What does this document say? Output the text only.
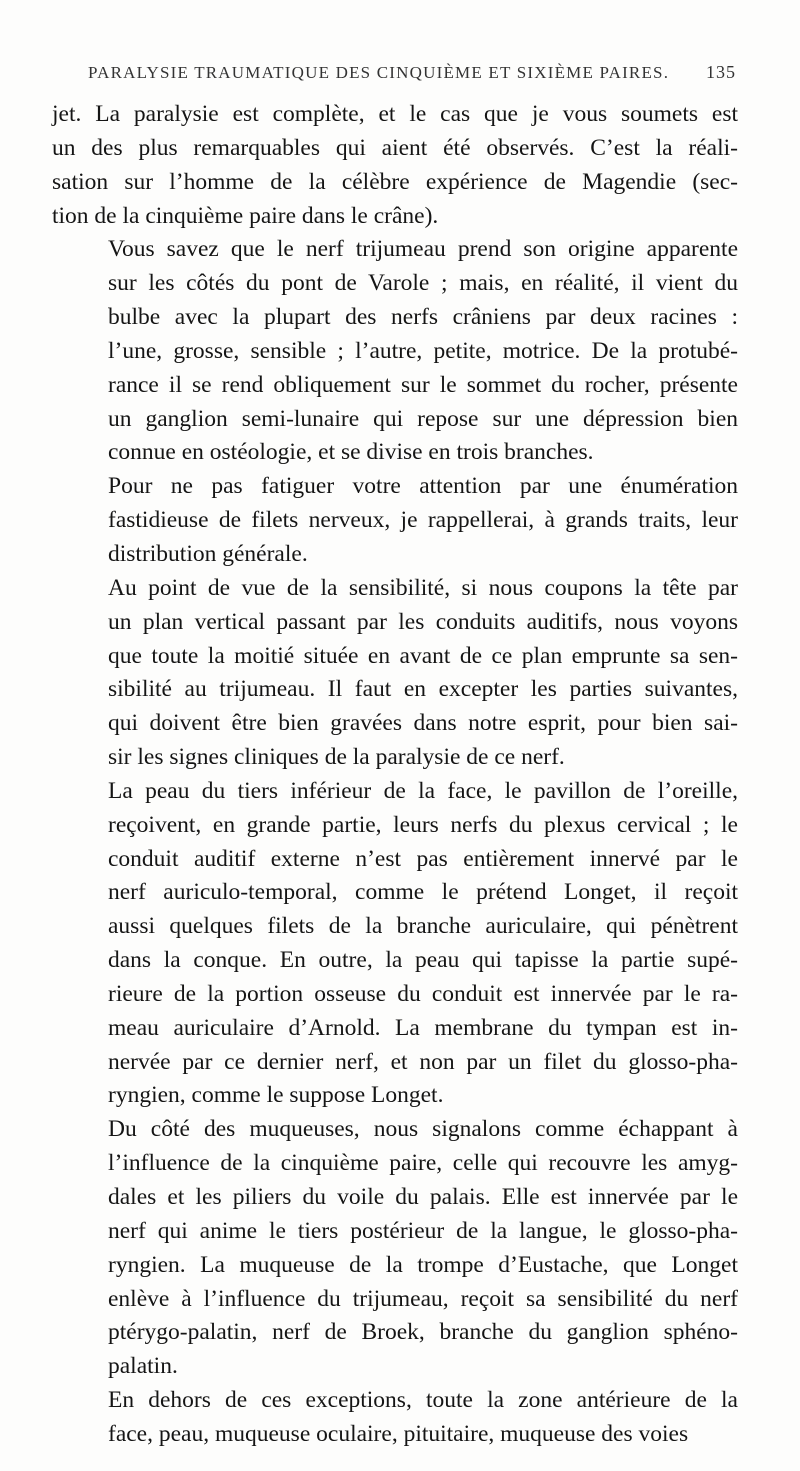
PARALYSIE TRAUMATIQUE DES CINQUIÈME ET SIXIÈME PAIRES. 135
jet. La paralysie est complète, et le cas que je vous soumets est
un des plus remarquables qui aient été observés. C’est la réali-
sation sur l’homme de la célèbre expérience de Magendie (sec-
tion de la cinquième paire dans le crâne).
Vous savez que le nerf trijumeau prend son origine apparente
sur les côtés du pont de Varole ; mais, en réalité, il vient du
bulbe avec la plupart des nerfs crâniens par deux racines :
l’une, grosse, sensible ; l’autre, petite, motrice. De la protubé-
rance il se rend obliquement sur le sommet du rocher, présente
un ganglion semi-lunaire qui repose sur une dépression bien
connue en ostéologie, et se divise en trois branches.
Pour ne pas fatiguer votre attention par une énumération
fastidieuse de filets nerveux, je rappellerai, à grands traits, leur
distribution générale.
Au point de vue de la sensibilité, si nous coupons la tête par
un plan vertical passant par les conduits auditifs, nous voyons
que toute la moitié située en avant de ce plan emprunte sa sen-
sibilité au trijumeau. Il faut en excepter les parties suivantes,
qui doivent être bien gravées dans notre esprit, pour bien sai-
sir les signes cliniques de la paralysie de ce nerf.
La peau du tiers inférieur de la face, le pavillon de l’oreille,
reçoivent, en grande partie, leurs nerfs du plexus cervical ; le
conduit auditif externe n’est pas entièrement innervé par le
nerf auriculo-temporal, comme le prétend Longet, il reçoit
aussi quelques filets de la branche auriculaire, qui pénètrent
dans la conque. En outre, la peau qui tapisse la partie supé-
rieure de la portion osseuse du conduit est innervée par le ra-
meau auriculaire d’Arnold. La membrane du tympan est in-
nervée par ce dernier nerf, et non par un filet du glosso-pha-
ryngien, comme le suppose Longet.
Du côté des muqueuses, nous signalons comme échappant à
l’influence de la cinquième paire, celle qui recouvre les amyg-
dales et les piliers du voile du palais. Elle est innervée par le
nerf qui anime le tiers postérieur de la langue, le glosso-pha-
ryngien. La muqueuse de la trompe d’Eustache, que Longet
enlève à l’influence du trijumeau, reçoit sa sensibilité du nerf
ptérygo-palatin, nerf de Broek, branche du ganglion sphéno-
palatin.
En dehors de ces exceptions, toute la zone antérieure de la
face, peau, muqueuse oculaire, pituitaire, muqueuse des voies
